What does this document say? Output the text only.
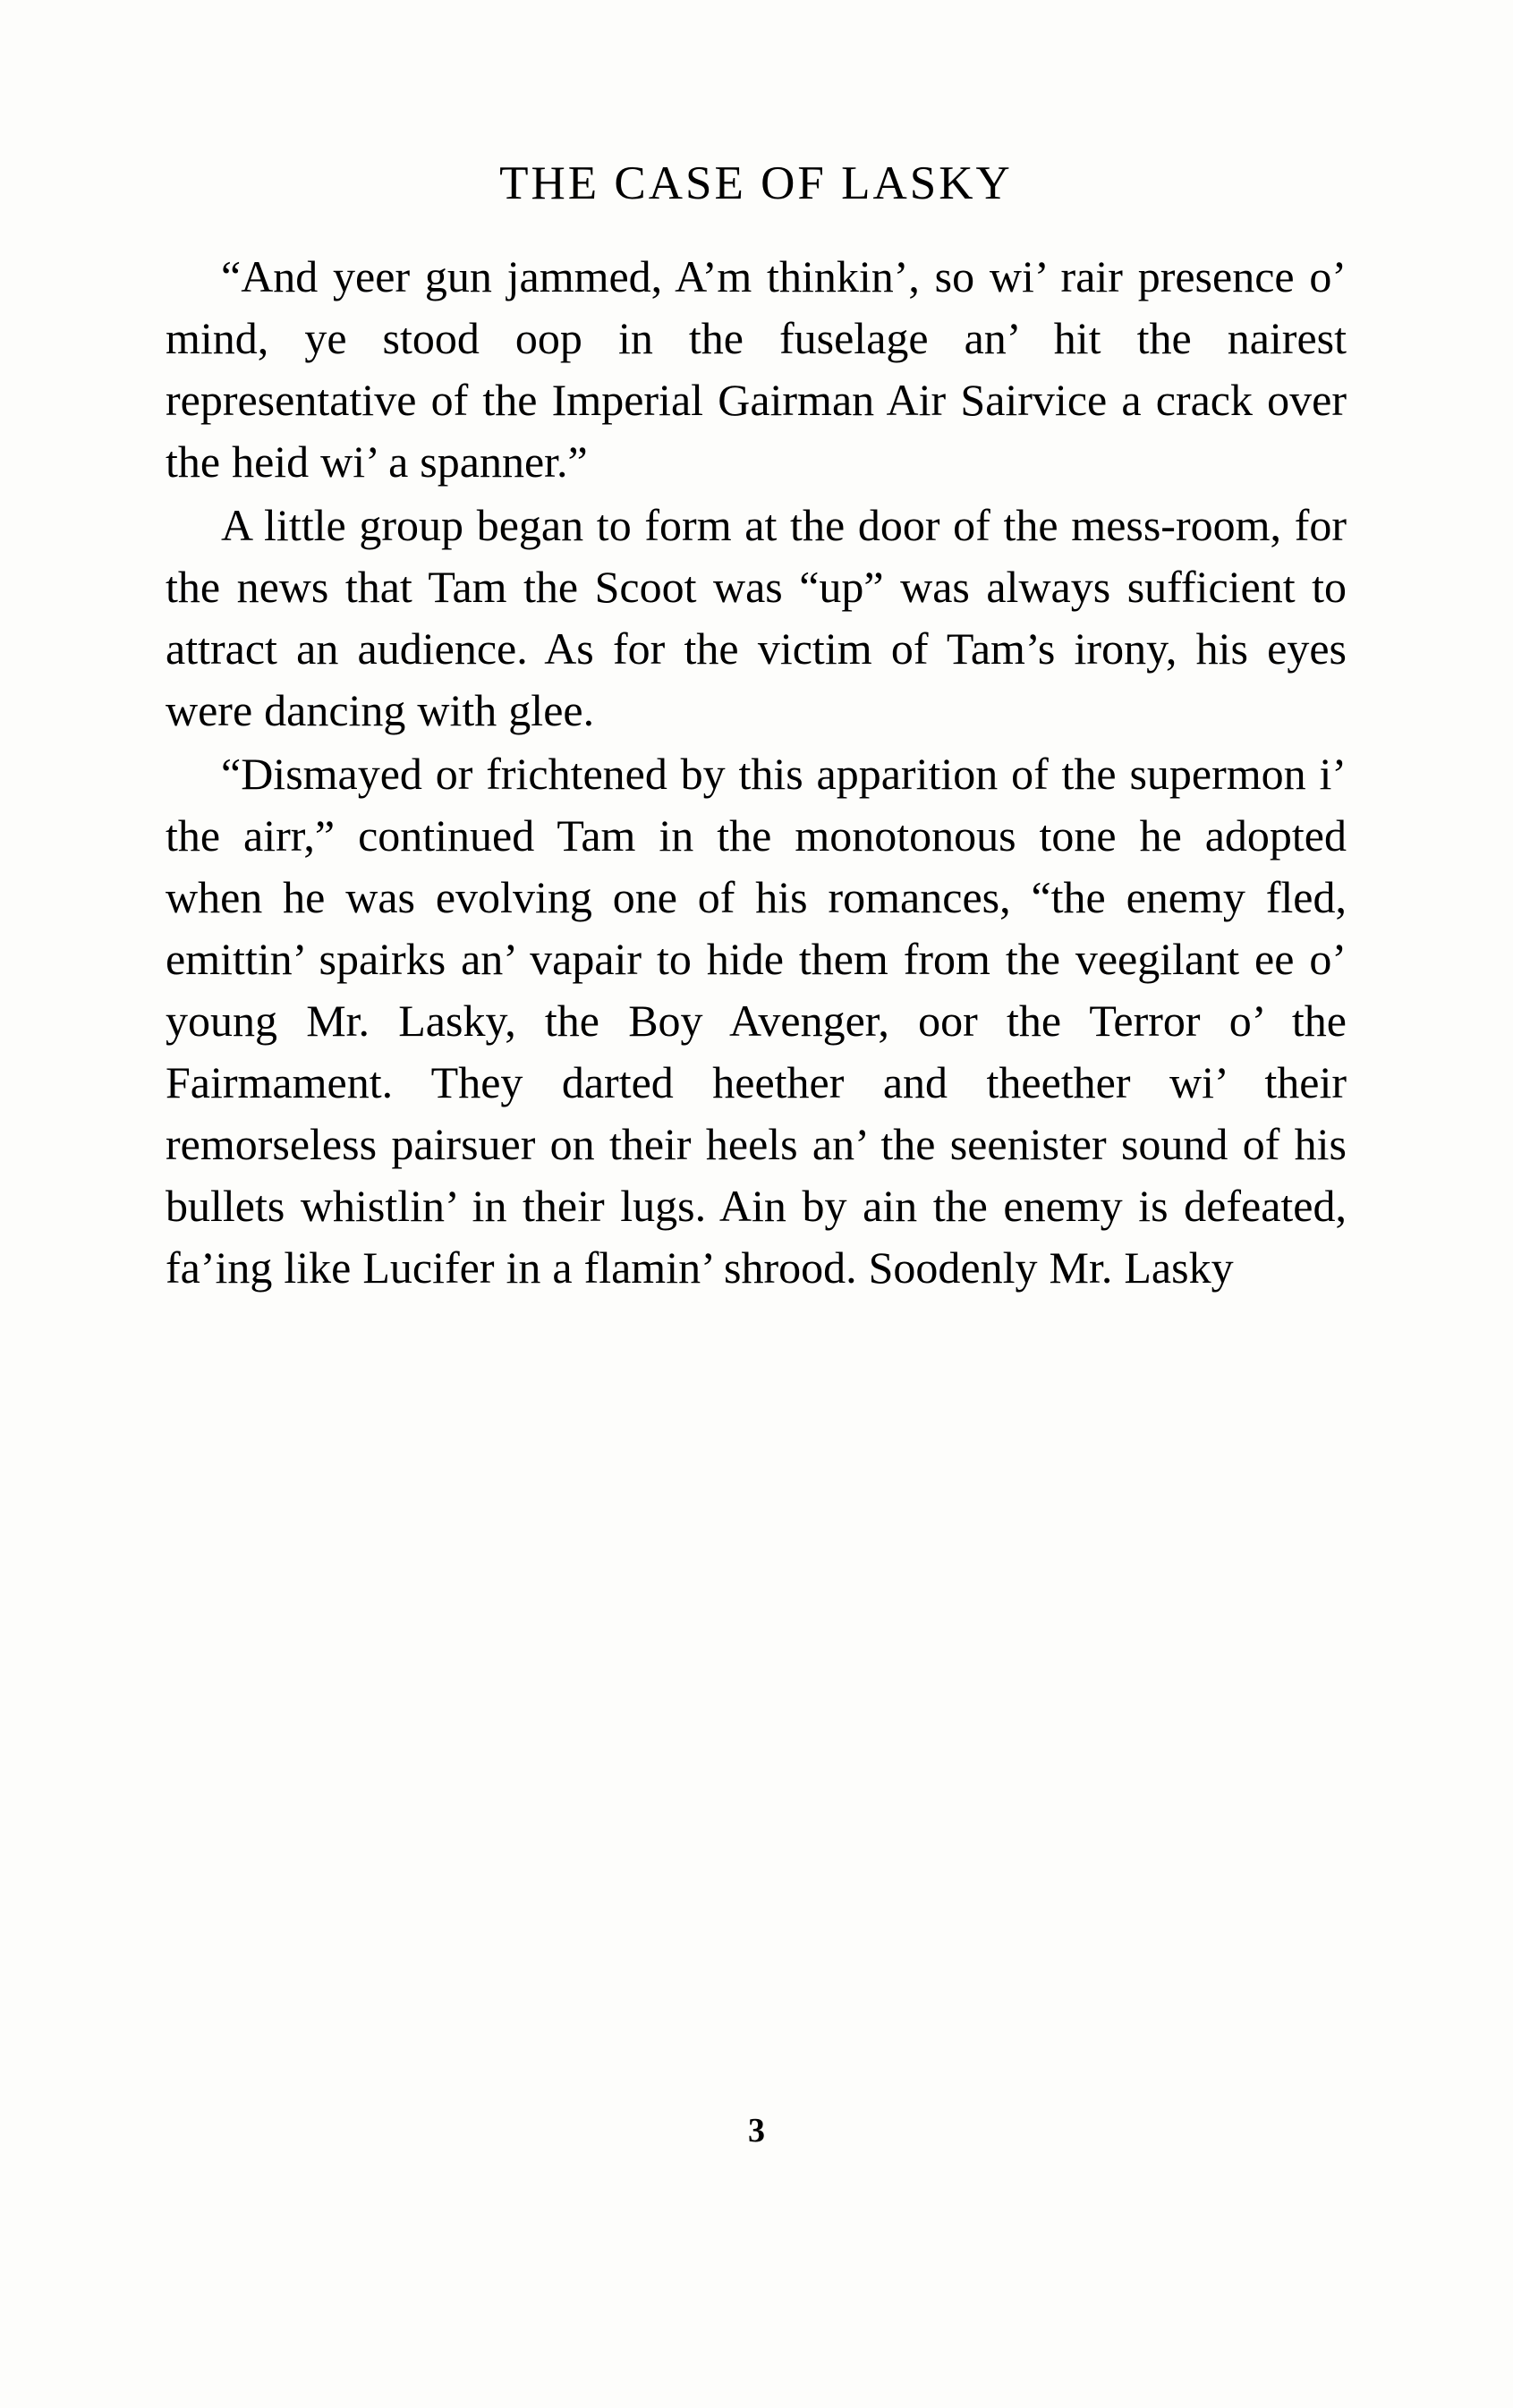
THE CASE OF LASKY

“And yeer gun jammed, A’m thinkin’, so wi’ rair presence o’ mind, ye stood oop in the fuselage an’ hit the nairest representative of the Imperial Gairman Air Sairvice a crack over the heid wi’ a spanner.”

A little group began to form at the door of the mess-room, for the news that Tam the Scoot was “up” was always sufficient to attract an audience. As for the victim of Tam’s irony, his eyes were dancing with glee.

“Dismayed or frichtened by this apparition of the supermon i’ the airr,” continued Tam in the monotonous tone he adopted when he was evolving one of his romances, “the enemy fled, emittin’ spairks an’ vapair to hide them from the veegilant ee o’ young Mr. Lasky, the Boy Avenger, oor the Terror o’ the Fairmament. They darted heether and theether wi’ their remorseless pairsuer on their heels an’ the seenister sound of his bullets whistlin’ in their lugs. Ain by ain the enemy is defeated, fa’ing like Lucifer in a flamin’ shrood. Soodenly Mr. Lasky

3
